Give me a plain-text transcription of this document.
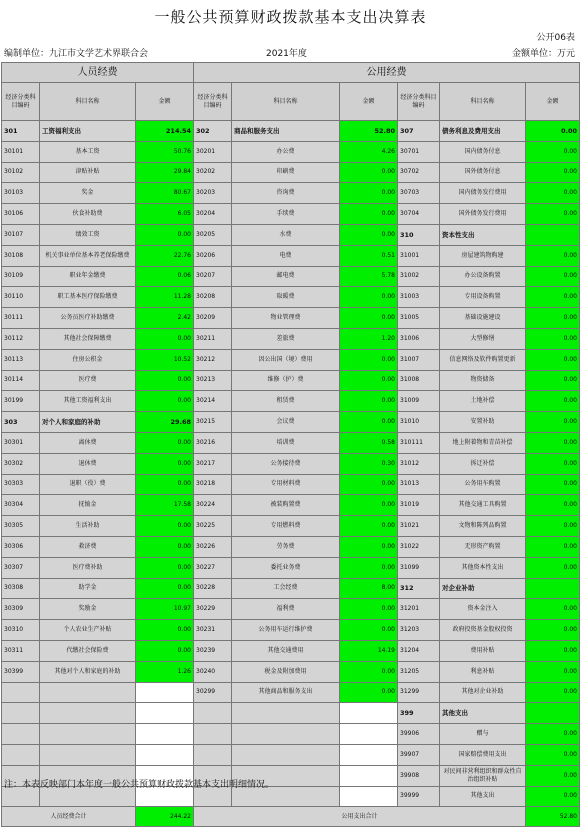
一般公共预算财政拨款基本支出决算表
公开06表
编制单位：九江市文学艺术界联合会	2021年度	金额单位：万元
人员经费			公用经费					
经济分类科目编码	科目名称	金额	经济分类科目编码	科目名称	金额	经济分类科目编码	科目名称	金额
301	工资福利支出	214.54	302	商品和服务支出	52.80	307	债务利息及费用支出	0.00
30101	基本工资	50.76	30201	办公费	4.26	30701	国内债务付息	0.00
30102	津贴补贴	29.84	30202	印刷费	0.00	30702	国外债务付息	0.00
30103	奖金	80.67	30203	咨询费	0.00	30703	国内债务发行费用	0.00
30106	伙食补助费	6.05	30204	手续费	0.00	30704	国外债务发行费用	0.00
30107	绩效工资	0.00	30205	水费	0.00	310	资本性支出	
30108	机关事业单位基本养老保险缴费	22.76	30206	电费	0.51	31001	房屋建筑物购建	0.00
30109	职业年金缴费	0.06	30207	邮电费	5.78	31002	办公设备购置	0.00
30110	职工基本医疗保险缴费	11.28	30208	取暖费	0.00	31003	专用设备购置	0.00
30111	公务员医疗补助缴费	2.42	30209	物业管理费	0.00	31005	基础设施建设	0.00
30112	其他社会保障缴费	0.00	30211	差旅费	1.20	31006	大型修缮	0.00
30113	住房公积金	10.52	30212	因公出国（境）费用	0.00	31007	信息网络及软件购置更新	0.00
30114	医疗费	0.00	30213	维修（护）费	0.00	31008	物资储备	0.00
30199	其他工资福利支出	0.00	30214	租赁费	0.00	31009	土地补偿	0.00
303	对个人和家庭的补助	29.68	30215	会议费	0.00	31010	安置补助	0.00
30301	离休费	0.00	30216	培训费	0.58	310111	地上附着物和青苗补偿	0.00
30302	退休费	0.00	30217	公务接待费	0.30	31012	拆迁补偿	0.00
30303	退职（役）费	0.00	30218	专用材料费	0.00	31013	公务用车购置	0.00
30304	抚恤金	17.58	30224	被装购置费	0.00	31019	其他交通工具购置	0.00
30305	生活补助	0.00	30225	专用燃料费	0.00	31021	文物和陈列品购置	0.00
30306	救济费	0.00	30226	劳务费	0.00	31022	无形资产购置	0.00
30307	医疗费补助	0.00	30227	委托业务费	0.00	31099	其他资本性支出	0.00
30308	助学金	0.00	30228	工会经费	8.00	312	对企业补助	
30309	奖励金	10.97	30229	福利费	0.00	31201	资本金注入	0.00
30310	个人农业生产补贴	0.00	30231	公务用车运行维护费	0.00	31203	政府投资基金股权投资	0.00
30311	代缴社会保险费	0.00	30239	其他交通费用	14.19	31204	费用补贴	0.00
30399	其他对个人和家庭的补助	1.26	30240	税金及附加费用	0.00	31205	利息补贴	0.00
			30299	其他商品和服务支出	0.00	31299	其他对企业补助	0.00
						399	其他支出	
						39906	赠与	0.00
						39907	国家赔偿费用支出	0.00
						39908	对民间非营利组织和群众性自治组织补贴	0.00
						39999	其他支出	0.00
人员经费合计		244.22	公用支出合计					52.80
注：本表反映部门本年度一般公共预算财政拨款基本支出明细情况。
